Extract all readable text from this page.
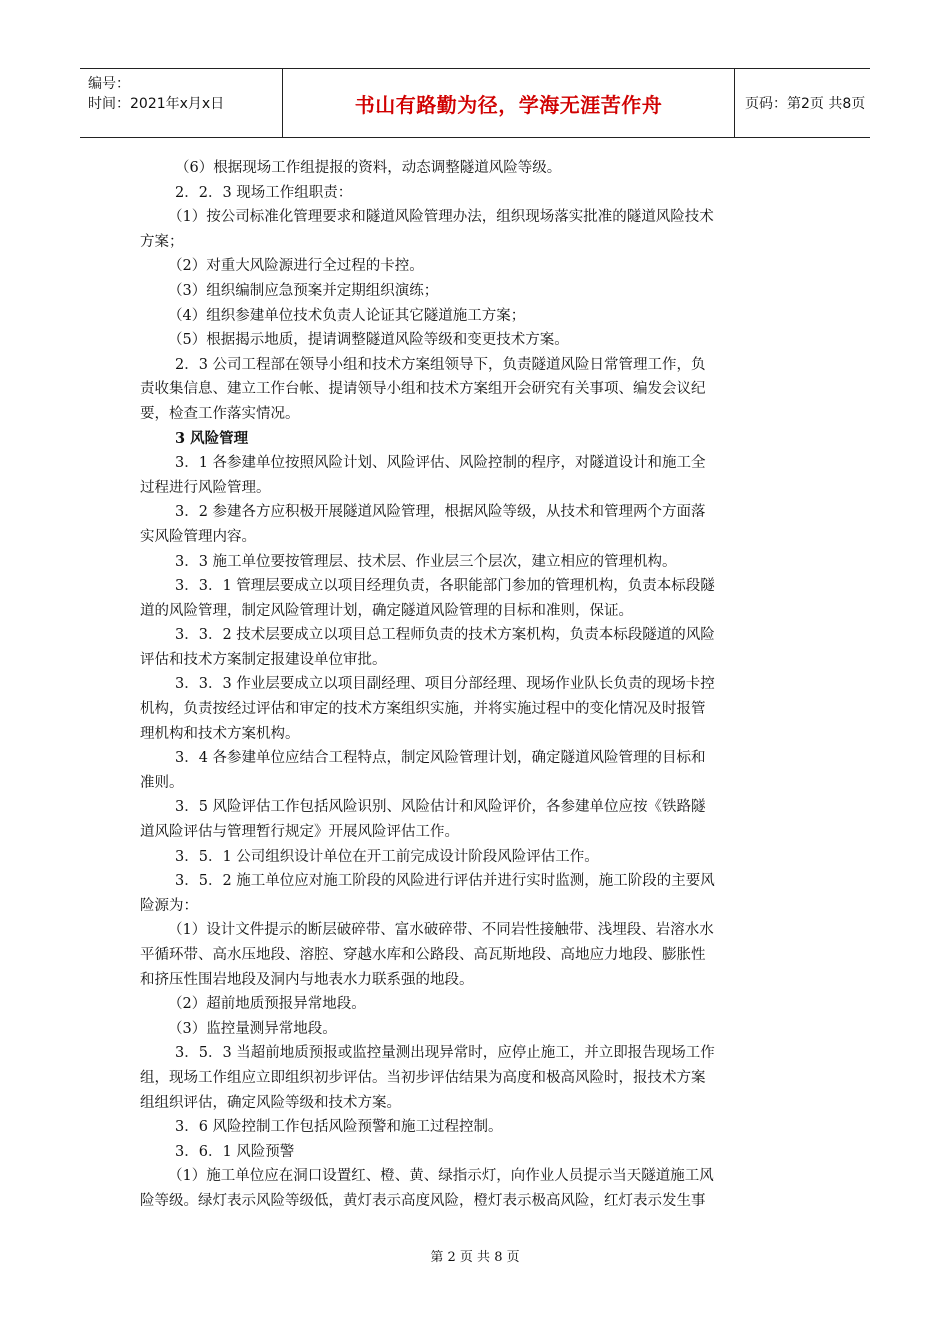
编号：
时间：2021年x月x日	书山有路勤为径，学海无涯苦作舟	页码：第2页 共8页
（6）根据现场工作组提报的资料，动态调整隧道风险等级。
2．2．3 现场工作组职责：
（1）按公司标准化管理要求和隧道风险管理办法，组织现场落实批准的隧道风险技术
方案；
（2）对重大风险源进行全过程的卡控。
（3）组织编制应急预案并定期组织演练；
（4）组织参建单位技术负责人论证其它隧道施工方案；
（5）根据揭示地质，提请调整隧道风险等级和变更技术方案。
2．3 公司工程部在领导小组和技术方案组领导下，负责隧道风险日常管理工作，负
责收集信息、建立工作台帐、提请领导小组和技术方案组开会研究有关事项、编发会议纪
要，检查工作落实情况。
3 风险管理
3．1 各参建单位按照风险计划、风险评估、风险控制的程序，对隧道设计和施工全
过程进行风险管理。
3．2 参建各方应积极开展隧道风险管理，根据风险等级，从技术和管理两个方面落
实风险管理内容。
3．3 施工单位要按管理层、技术层、作业层三个层次，建立相应的管理机构。
3．3．1 管理层要成立以项目经理负责，各职能部门参加的管理机构，负责本标段隧
道的风险管理，制定风险管理计划，确定隧道风险管理的目标和准则，保证。
3．3．2 技术层要成立以项目总工程师负责的技术方案机构，负责本标段隧道的风险
评估和技术方案制定报建设单位审批。
3．3．3 作业层要成立以项目副经理、项目分部经理、现场作业队长负责的现场卡控
机构，负责按经过评估和审定的技术方案组织实施，并将实施过程中的变化情况及时报管
理机构和技术方案机构。
3．4 各参建单位应结合工程特点，制定风险管理计划，确定隧道风险管理的目标和
准则。
3．5 风险评估工作包括风险识别、风险估计和风险评价，各参建单位应按《铁路隧
道风险评估与管理暂行规定》开展风险评估工作。
3．5．1 公司组织设计单位在开工前完成设计阶段风险评估工作。
3．5．2 施工单位应对施工阶段的风险进行评估并进行实时监测，施工阶段的主要风
险源为：
（1）设计文件提示的断层破碎带、富水破碎带、不同岩性接触带、浅埋段、岩溶水水
平循环带、高水压地段、溶腔、穿越水库和公路段、高瓦斯地段、高地应力地段、膨胀性
和挤压性围岩地段及洞内与地表水力联系强的地段。
（2）超前地质预报异常地段。
（3）监控量测异常地段。
3．5．3 当超前地质预报或监控量测出现异常时，应停止施工，并立即报告现场工作
组，现场工作组应立即组织初步评估。当初步评估结果为高度和极高风险时，报技术方案
组组织评估，确定风险等级和技术方案。
3．6 风险控制工作包括风险预警和施工过程控制。
3．6．1 风险预警
（1）施工单位应在洞口设置红、橙、黄、绿指示灯，向作业人员提示当天隧道施工风
险等级。绿灯表示风险等级低，黄灯表示高度风险，橙灯表示极高风险，红灯表示发生事
第 2 页 共 8 页
